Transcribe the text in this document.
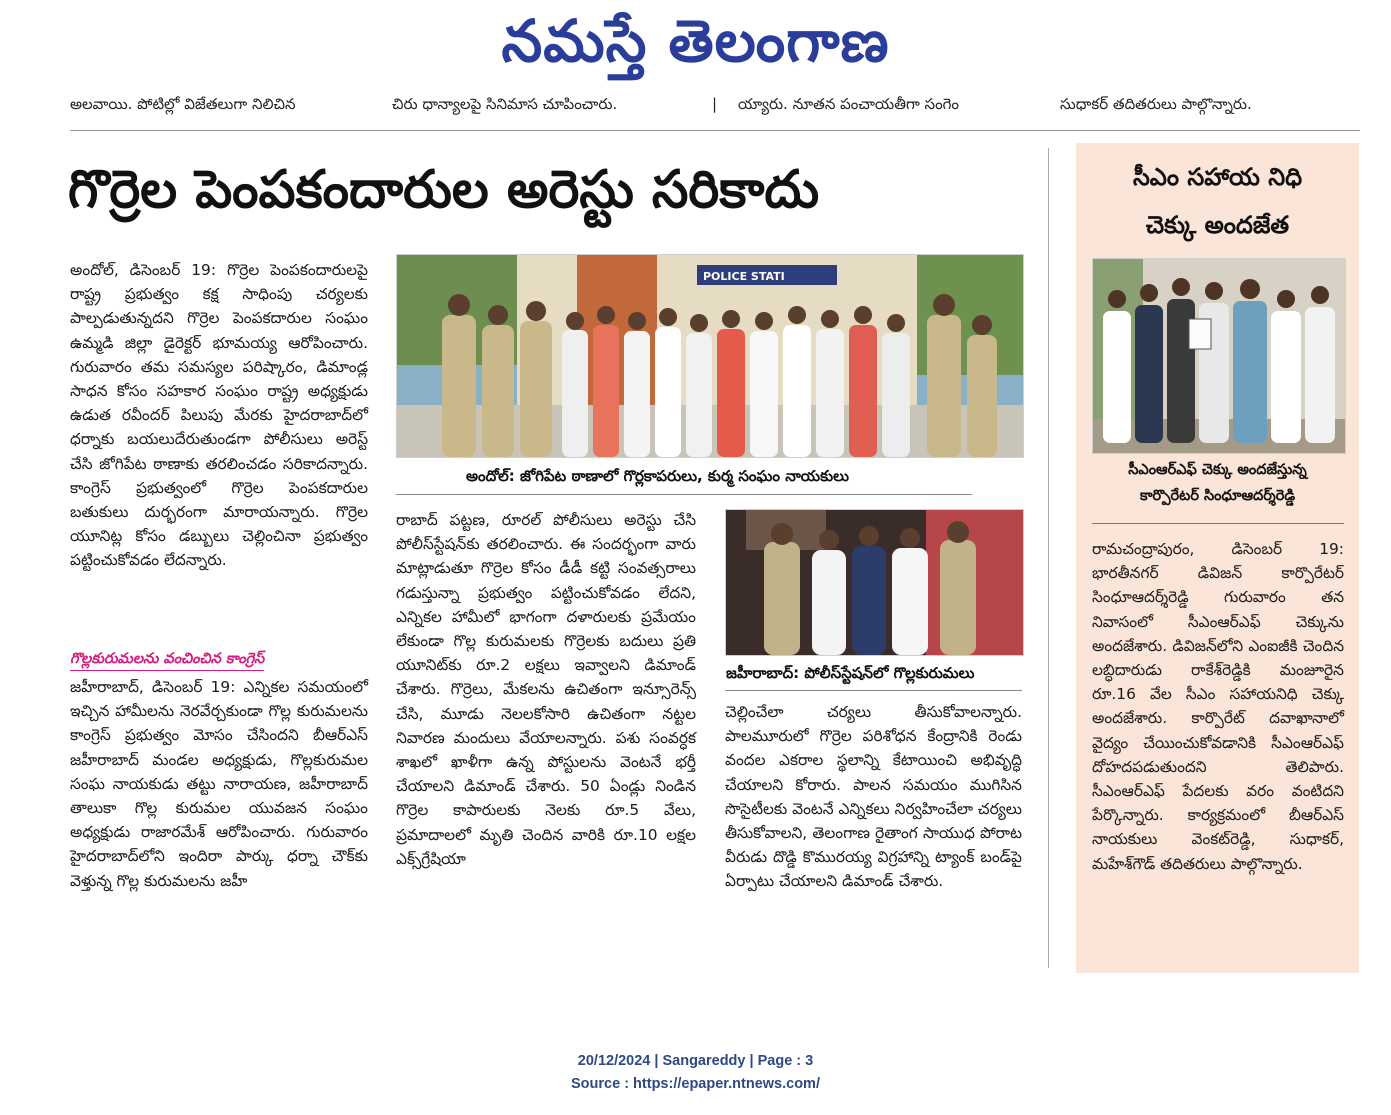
నమస్తే తెలంగాణ
అలవాయి. పోటిల్లో విజేతలుగా నిలిచిన	చిరు ధాన్యాలపై సినిమాస చూపించారు.	| య్యారు. నూతన పంచాయతీగా సంగెం	సుధాకర్ తదితరులు పాల్గొన్నారు.
గొర్రెల పెంపకందారుల అరెస్టు సరికాదు
POLICE STATI
అందోల్: జోగిపేట ఠాణాలో గొర్లకాపరులు, కుర్మ సంఘం నాయకులు
జహీరాబాద్: పోలీస్‌స్టేషన్‌లో గొల్లకురుమలు

అందోల్, డిసెంబర్ 19: గొర్రెల పెంపకందారులపై రాష్ట్ర ప్రభుత్వం కక్ష సాధింపు చర్యలకు పాల్పడుతున్నదని గొర్రెల పెంపకదారుల సంఘం ఉమ్మడి జిల్లా డైరెక్టర్ భూమయ్య ఆరోపించారు. గురువారం తమ సమస్యల పరిష్కారం, డిమాండ్ల సాధన కోసం సహకార సంఘం రాష్ట్ర అధ్యక్షుడు ఉడుత రవీందర్ పిలుపు మేరకు హైదరాబాద్‌లో ధర్నాకు బయలుదేరుతుండగా పోలీసులు అరెస్ట్ చేసి జోగిపేట ఠాణాకు తరలించడం సరికాదన్నారు. కాంగ్రెస్ ప్రభుత్వంలో గొర్రెల పెంపకదారుల బతుకులు దుర్భరంగా మారాయన్నారు. గొర్రెల యూనిట్ల కోసం డబ్బులు చెల్లించినా ప్రభుత్వం పట్టించుకోవడం లేదన్నారు.

గొల్లకురుమలను వంచించిన కాంగ్రెస్

జహీరాబాద్, డిసెంబర్ 19: ఎన్నికల సమయంలో ఇచ్చిన హామీలను నెరవేర్చకుండా గొల్ల కురుమలను కాంగ్రెస్ ప్రభుత్వం మోసం చేసిందని బీఆర్‌ఎస్ జహీరాబాద్ మండల అధ్యక్షుడు, గొల్లకురుమల సంఘ నాయకుడు తట్టు నారాయణ, జహీరాబాద్ తాలుకా గొల్ల కురుమల యువజన సంఘం అధ్యక్షుడు రాజారమేశ్ ఆరోపించారు. గురువారం హైదరాబాద్‌లోని ఇందిరా పార్కు ధర్నా చౌక్‌కు వెళ్తున్న గొల్ల కురుమలను జహీ

రాబాద్ పట్టణ, రూరల్ పోలీసులు అరెస్టు చేసి పోలీస్‌స్టేషన్‌కు తరలించారు. ఈ సందర్భంగా వారు మాట్లాడుతూ గొర్రెల కోసం డీడీ కట్టి సంవత్సరాలు గడుస్తున్నా ప్రభుత్వం పట్టించుకోవడం లేదని, ఎన్నికల హామీలో భాగంగా దళారులకు ప్రమేయం లేకుండా గొల్ల కురుమలకు గొర్రెలకు బదులు ప్రతి యూనిట్‌కు రూ.2 లక్షలు ఇవ్వాలని డిమాండ్ చేశారు. గొర్రెలు, మేకలను ఉచితంగా ఇన్సూరెన్స్ చేసి, మూడు నెలలకోసారి ఉచితంగా నట్టల నివారణ మందులు వేయాలన్నారు. పశు సంవర్ధక శాఖలో ఖాళీగా ఉన్న పోస్టులను వెంటనే భర్తీ చేయాలని డిమాండ్ చేశారు. 50 ఏండ్లు నిండిన గొర్రెల కాపారులకు నెలకు రూ.5 వేలు, ప్రమాదాలలో మృతి చెందిన వారికి రూ.10 లక్షల ఎక్స్‌గ్రేషియా

చెల్లించేలా చర్యలు తీసుకోవాలన్నారు. పాలమూరులో గొర్రెల పరిశోధన కేంద్రానికి రెండు వందల ఎకరాల స్థలాన్ని కేటాయించి అభివృద్ధి చేయాలని కోరారు. పాలన సమయం ముగిసిన సొసైటీలకు వెంటనే ఎన్నికలు నిర్వహించేలా చర్యలు తీసుకోవాలని, తెలంగాణ రైతాంగ సాయుధ పోరాట వీరుడు దొడ్డి కొమురయ్య విగ్రహాన్ని ట్యాంక్ బండ్‌పై ఏర్పాటు చేయాలని డిమాండ్ చేశారు.

సీఎం సహాయ నిధి
చెక్కు అందజేత
సీఎంఆర్‌ఎఫ్ చెక్కు అందజేస్తున్న
కార్పొరేటర్ సింధూఆదర్శ్‌రెడ్డి

రామచంద్రాపురం, డిసెంబర్ 19: భారతీనగర్ డివిజన్ కార్పొరేటర్ సింధూఆదర్శ్‌రెడ్డి గురువారం తన నివాసంలో సీఎంఆర్‌ఎఫ్ చెక్కును అందజేశారు. డివిజన్‌లోని ఎంఐజీకి చెందిన లబ్ధిదారుడు రాకేశ్‌రెడ్డికి మంజూరైన రూ.16 వేల సీఎం సహాయనిధి చెక్కు అందజేశారు. కార్పొరేట్ దవాఖానాలో వైద్యం చేయించుకోవడానికి సీఎంఆర్‌ఎఫ్ దోహదపడుతుందని తెలిపారు. సీఎంఆర్‌ఎఫ్ పేదలకు వరం వంటిదని పేర్కొన్నారు. కార్యక్రమంలో బీఆర్‌ఎస్ నాయకులు వెంకట్‌రెడ్డి, సుధాకర్, మహేశ్‌గౌడ్ తదితరులు పాల్గొన్నారు.

20/12/2024 | Sangareddy | Page : 3
Source : https://epaper.ntnews.com/
